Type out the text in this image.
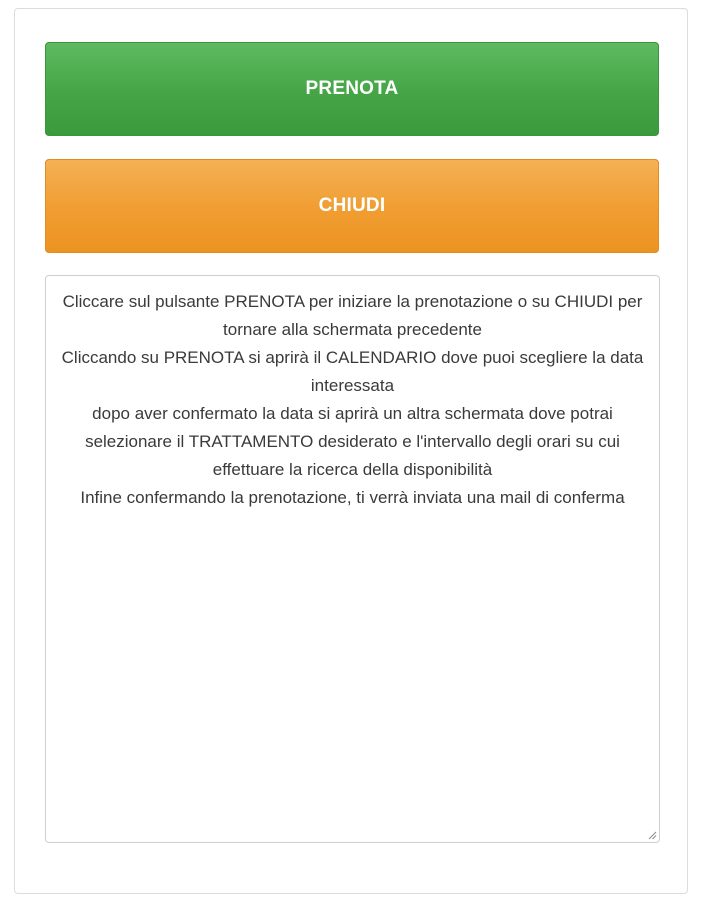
PRENOTA
CHIUDI
Cliccare sul pulsante PRENOTA per iniziare la prenotazione o su CHIUDI per tornare alla schermata precedente
Cliccando su PRENOTA si aprirà il CALENDARIO dove puoi scegliere la data interessata
dopo aver confermato la data si aprirà un altra schermata dove potrai selezionare il TRATTAMENTO desiderato e l'intervallo degli orari su cui effettuare la ricerca della disponibilità
Infine confermando la prenotazione, ti verrà inviata una mail di conferma
